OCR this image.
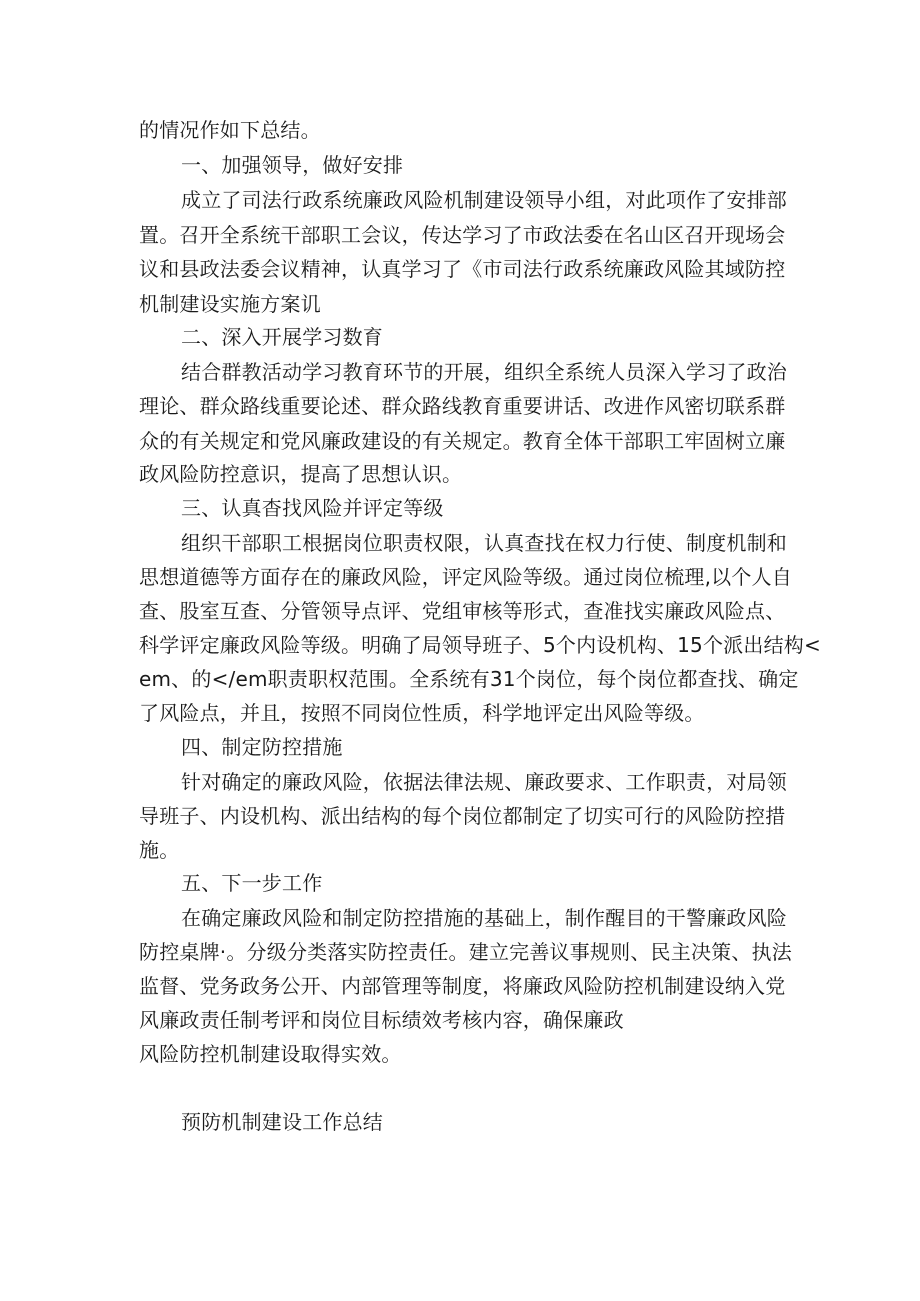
的情况作如下总结。
一、加强领导，做好安排
成立了司法行政系统廉政风险机制建设领导小组，对此项作了安排部
置。召开全系统干部职工会议，传达学习了市政法委在名山区召开现场会
议和县政法委会议精神，认真学习了《市司法行政系统廉政风险其域防控
机制建设实施方案讥
二、深入开展学习数育
结合群教活动学习教育环节的开展，组织全系统人员深入学习了政治
理论、群众路线重要论述、群众路线教育重要讲话、改进作风密切联系群
众的有关规定和党风廉政建设的有关规定。教育全体干部职工牢固树立廉
政风险防控意识，提高了思想认识。
三、认真杳找风险并评定等级
组织干部职工根据岗位职责权限，认真查找在权力行使、制度机制和
思想道德等方面存在的廉政风险，评定风险等级。通过岗位梳理,以个人自
查、股室互查、分管领导点评、党组审核等形式，查准找实廉政风险点、
科学评定廉政风险等级。明确了局领导班子、5个内设机构、15个派出结构<
em、的</em职责职权范围。全系统有31个岗位，每个岗位都查找、确定
了风险点，并且，按照不同岗位性质，科学地评定出风险等级。
四、制定防控措施
针对确定的廉政风险，依据法律法规、廉政要求、工作职责，对局领
导班子、内设机构、派出结构的每个岗位都制定了切实可行的风险防控措
施。
五、下一步工作
在确定廉政风险和制定防控措施的基础上，制作醒目的干警廉政风险
防控桌牌·。分级分类落实防控责任。建立完善议事规则、民主决策、执法
监督、党务政务公开、内部管理等制度，将廉政风险防控机制建设纳入党
风廉政责任制考评和岗位目标绩效考核内容，确保廉政
风险防控机制建设取得实效。
预防机制建设工作总结
